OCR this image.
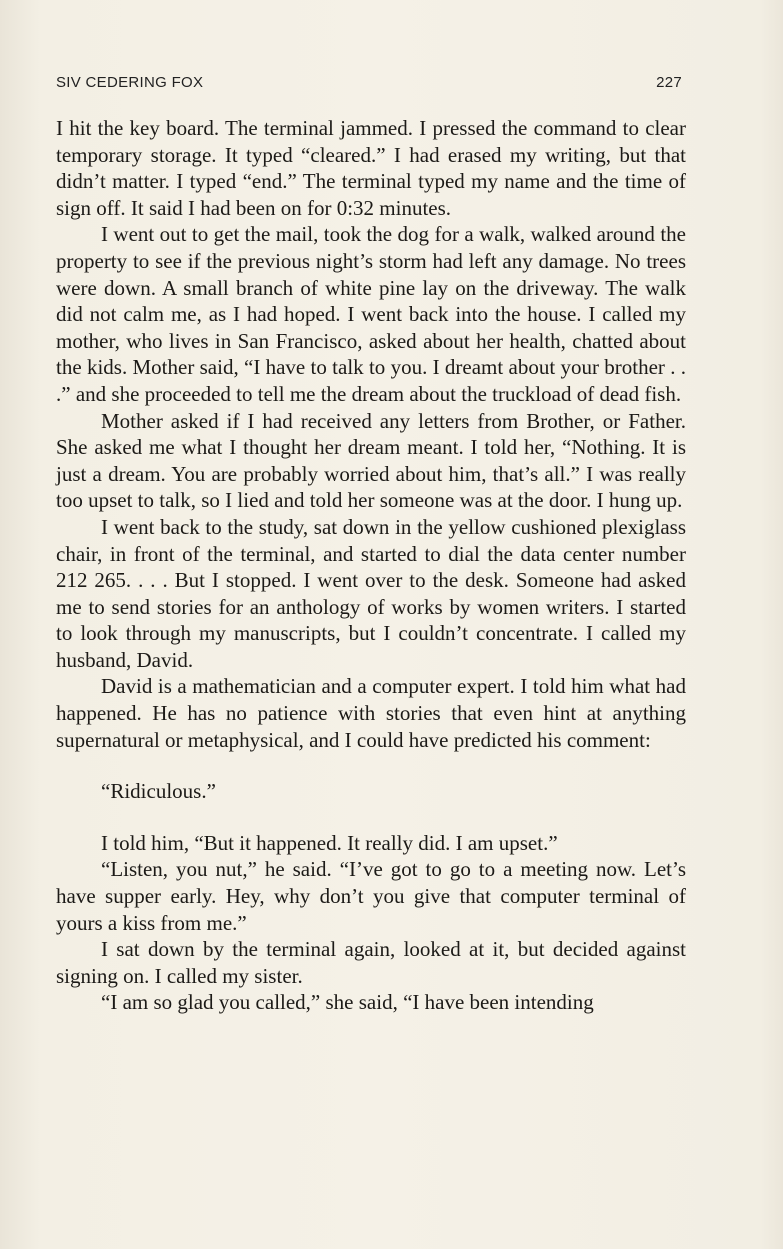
SIV CEDERING FOX	227

I hit the key board. The terminal jammed. I pressed the command to clear temporary storage. It typed “cleared.” I had erased my writing, but that didn’t matter. I typed “end.” The terminal typed my name and the time of sign off. It said I had been on for 0:32 minutes.

I went out to get the mail, took the dog for a walk, walked around the property to see if the previous night’s storm had left any damage. No trees were down. A small branch of white pine lay on the driveway. The walk did not calm me, as I had hoped. I went back into the house. I called my mother, who lives in San Francisco, asked about her health, chatted about the kids. Mother said, “I have to talk to you. I dreamt about your brother . . .” and she proceeded to tell me the dream about the truckload of dead fish.

Mother asked if I had received any letters from Brother, or Father. She asked me what I thought her dream meant. I told her, “Nothing. It is just a dream. You are probably worried about him, that’s all.” I was really too upset to talk, so I lied and told her someone was at the door. I hung up.

I went back to the study, sat down in the yellow cushioned plexiglass chair, in front of the terminal, and started to dial the data center number 212 265. . . . But I stopped. I went over to the desk. Someone had asked me to send stories for an anthology of works by women writers. I started to look through my manuscripts, but I couldn’t concentrate. I called my husband, David.

David is a mathematician and a computer expert. I told him what had happened. He has no patience with stories that even hint at anything supernatural or metaphysical, and I could have predicted his comment:

“Ridiculous.”

I told him, “But it happened. It really did. I am upset.”

“Listen, you nut,” he said. “I’ve got to go to a meeting now. Let’s have supper early. Hey, why don’t you give that computer terminal of yours a kiss from me.”

I sat down by the terminal again, looked at it, but decided against signing on. I called my sister.

“I am so glad you called,” she said, “I have been intending
